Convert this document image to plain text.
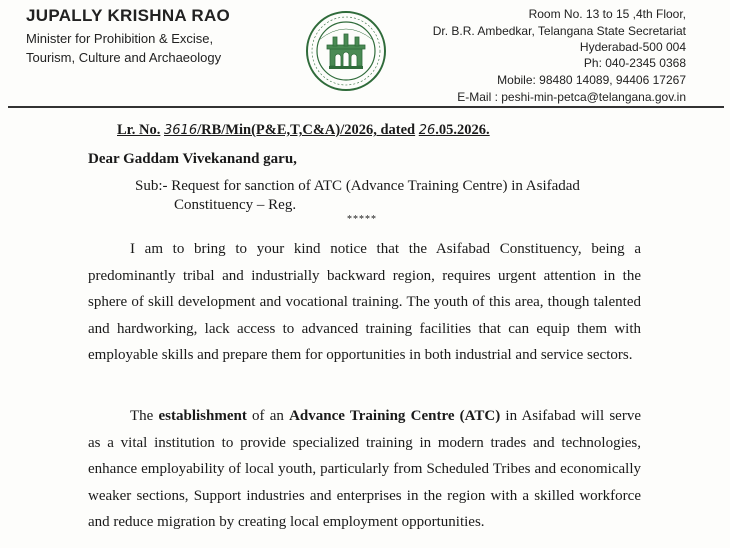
JUPALLY KRISHNA RAO
Minister for Prohibition & Excise,
Tourism, Culture and Archaeology
Room No. 13 to 15 ,4th Floor,
Dr. B.R. Ambedkar, Telangana State Secretariat
Hyderabad-500 004
Ph: 040-2345 0368
Mobile: 98480 14089, 94406 17267
E-Mail : peshi-min-petca@telangana.gov.in
Lr. No. 3616/RB/Min(P&E,T,C&A)/2026, dated 26.05.2026.
Dear Gaddam Vivekanand garu,
Sub:- Request for sanction of ATC (Advance Training Centre) in Asifadad
Constituency – Reg.
*****

I am to bring to your kind notice that the Asifabad Constituency, being a predominantly tribal and industrially backward region, requires urgent attention in the sphere of skill development and vocational training. The youth of this area, though talented and hardworking, lack access to advanced training facilities that can equip them with employable skills and prepare them for opportunities in both industrial and service sectors.

The establishment of an Advance Training Centre (ATC) in Asifabad will serve as a vital institution to provide specialized training in modern trades and technologies, enhance employability of local youth, particularly from Scheduled Tribes and economically weaker sections, Support industries and enterprises in the region with a skilled workforce and reduce migration by creating local employment opportunities.
